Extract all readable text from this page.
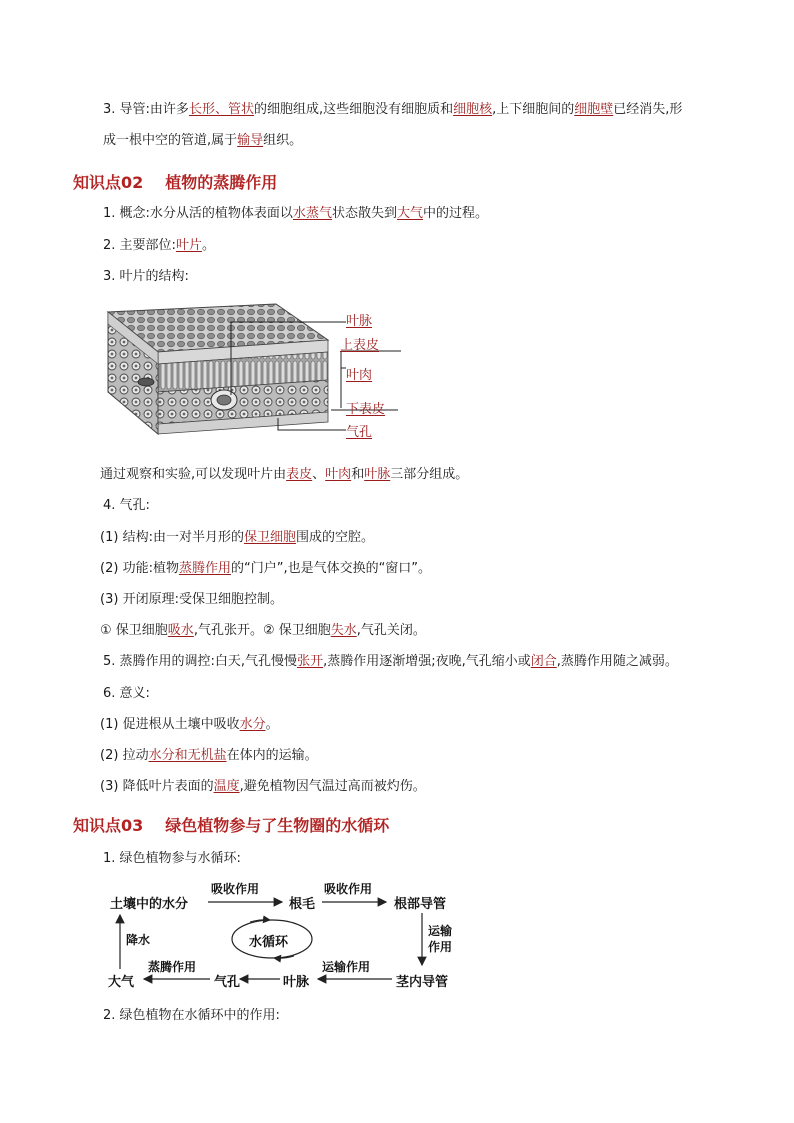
3. 导管:由许多长形、管状的细胞组成,这些细胞没有细胞质和细胞核,上下细胞间的细胞壁已经消失,形
成一根中空的管道,属于输导组织。
知识点02 植物的蒸腾作用
1. 概念:水分从活的植物体表面以水蒸气状态散失到大气中的过程。
2. 主要部位:叶片。
3. 叶片的结构:
叶脉
上表皮
叶肉
下表皮
气孔
通过观察和实验,可以发现叶片由表皮、叶肉和叶脉三部分组成。
4. 气孔:
(1) 结构:由一对半月形的保卫细胞围成的空腔。
(2) 功能:植物蒸腾作用的“门户”,也是气体交换的“窗口”。
(3) 开闭原理:受保卫细胞控制。
① 保卫细胞吸水,气孔张开。② 保卫细胞失水,气孔关闭。
5. 蒸腾作用的调控:白天,气孔慢慢张开,蒸腾作用逐渐增强;夜晚,气孔缩小或闭合,蒸腾作用随之减弱。
6. 意义:
(1) 促进根从土壤中吸收水分。
(2) 拉动水分和无机盐在体内的运输。
(3) 降低叶片表面的温度,避免植物因气温过高而被灼伤。
知识点03 绿色植物参与了生物圈的水循环
1. 绿色植物参与水循环:
土壤中的水分	根毛	根部导管
茎内导管
叶脉
气孔
大气
水循环
吸收作用	吸收作用
运输
作用
运输作用
蒸腾作用
降水
2. 绿色植物在水循环中的作用:
